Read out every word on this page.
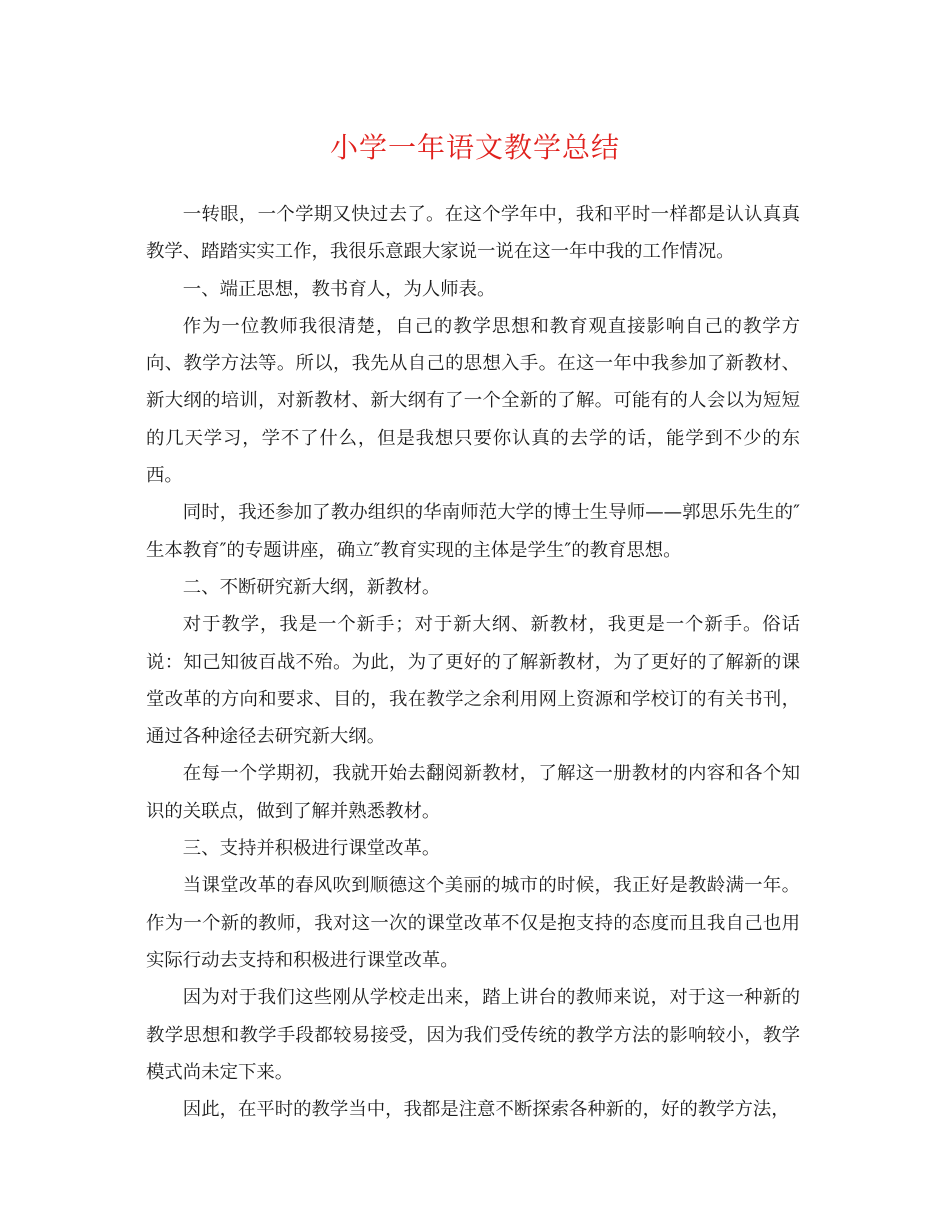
小学一年语文教学总结

一转眼，一个学期又快过去了。在这个学年中，我和平时一样都是认认真真教学、踏踏实实工作，我很乐意跟大家说一说在这一年中我的工作情况。

一、端正思想，教书育人，为人师表。

作为一位教师我很清楚，自己的教学思想和教育观直接影响自己的教学方向、教学方法等。所以，我先从自己的思想入手。在这一年中我参加了新教材、新大纲的培训，对新教材、新大纲有了一个全新的了解。可能有的人会以为短短的几天学习，学不了什么，但是我想只要你认真的去学的话，能学到不少的东西。

同时，我还参加了教办组织的华南师范大学的博士生导师——郭思乐先生的″生本教育″的专题讲座，确立″教育实现的主体是学生″的教育思想。

二、不断研究新大纲，新教材。

对于教学，我是一个新手；对于新大纲、新教材，我更是一个新手。俗话说：知己知彼百战不殆。为此，为了更好的了解新教材，为了更好的了解新的课堂改革的方向和要求、目的，我在教学之余利用网上资源和学校订的有关书刊，通过各种途径去研究新大纲。

在每一个学期初，我就开始去翻阅新教材，了解这一册教材的内容和各个知识的关联点，做到了解并熟悉教材。

三、支持并积极进行课堂改革。

当课堂改革的春风吹到顺德这个美丽的城市的时候，我正好是教龄满一年。作为一个新的教师，我对这一次的课堂改革不仅是抱支持的态度而且我自己也用实际行动去支持和积极进行课堂改革。

因为对于我们这些刚从学校走出来，踏上讲台的教师来说，对于这一种新的教学思想和教学手段都较易接受，因为我们受传统的教学方法的影响较小，教学模式尚未定下来。

因此，在平时的教学当中，我都是注意不断探索各种新的，好的教学方法，
